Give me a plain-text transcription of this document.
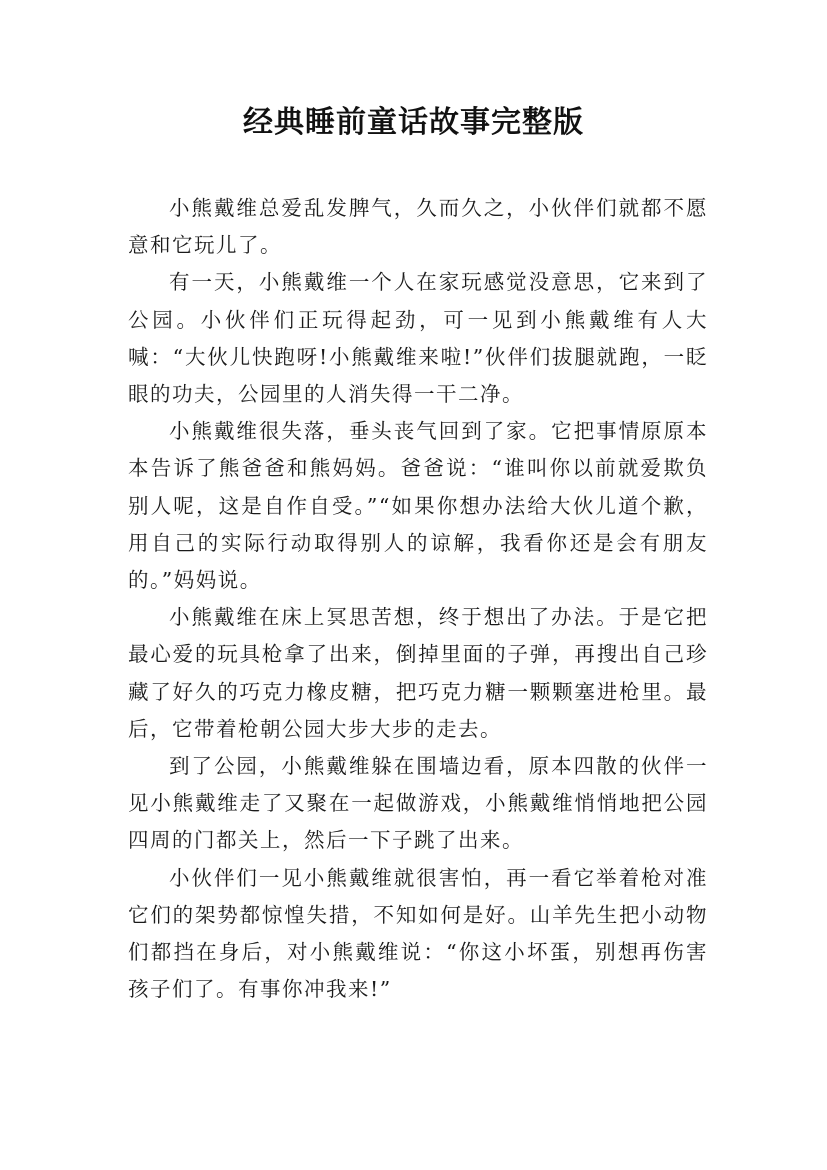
经典睡前童话故事完整版

小熊戴维总爱乱发脾气，久而久之，小伙伴们就都不愿意和它玩儿了。

有一天，小熊戴维一个人在家玩感觉没意思，它来到了公园。小伙伴们正玩得起劲，可一见到小熊戴维有人大喊：“大伙儿快跑呀!小熊戴维来啦!”伙伴们拔腿就跑，一眨眼的功夫，公园里的人消失得一干二净。

小熊戴维很失落，垂头丧气回到了家。它把事情原原本本告诉了熊爸爸和熊妈妈。爸爸说：“谁叫你以前就爱欺负别人呢，这是自作自受。”“如果你想办法给大伙儿道个歉，用自己的实际行动取得别人的谅解，我看你还是会有朋友的。”妈妈说。

小熊戴维在床上冥思苦想，终于想出了办法。于是它把最心爱的玩具枪拿了出来，倒掉里面的子弹，再搜出自己珍藏了好久的巧克力橡皮糖，把巧克力糖一颗颗塞进枪里。最后，它带着枪朝公园大步大步的走去。

到了公园，小熊戴维躲在围墙边看，原本四散的伙伴一见小熊戴维走了又聚在一起做游戏，小熊戴维悄悄地把公园四周的门都关上，然后一下子跳了出来。

小伙伴们一见小熊戴维就很害怕，再一看它举着枪对准它们的架势都惊惶失措，不知如何是好。山羊先生把小动物们都挡在身后，对小熊戴维说：“你这小坏蛋，别想再伤害孩子们了。有事你冲我来!”
